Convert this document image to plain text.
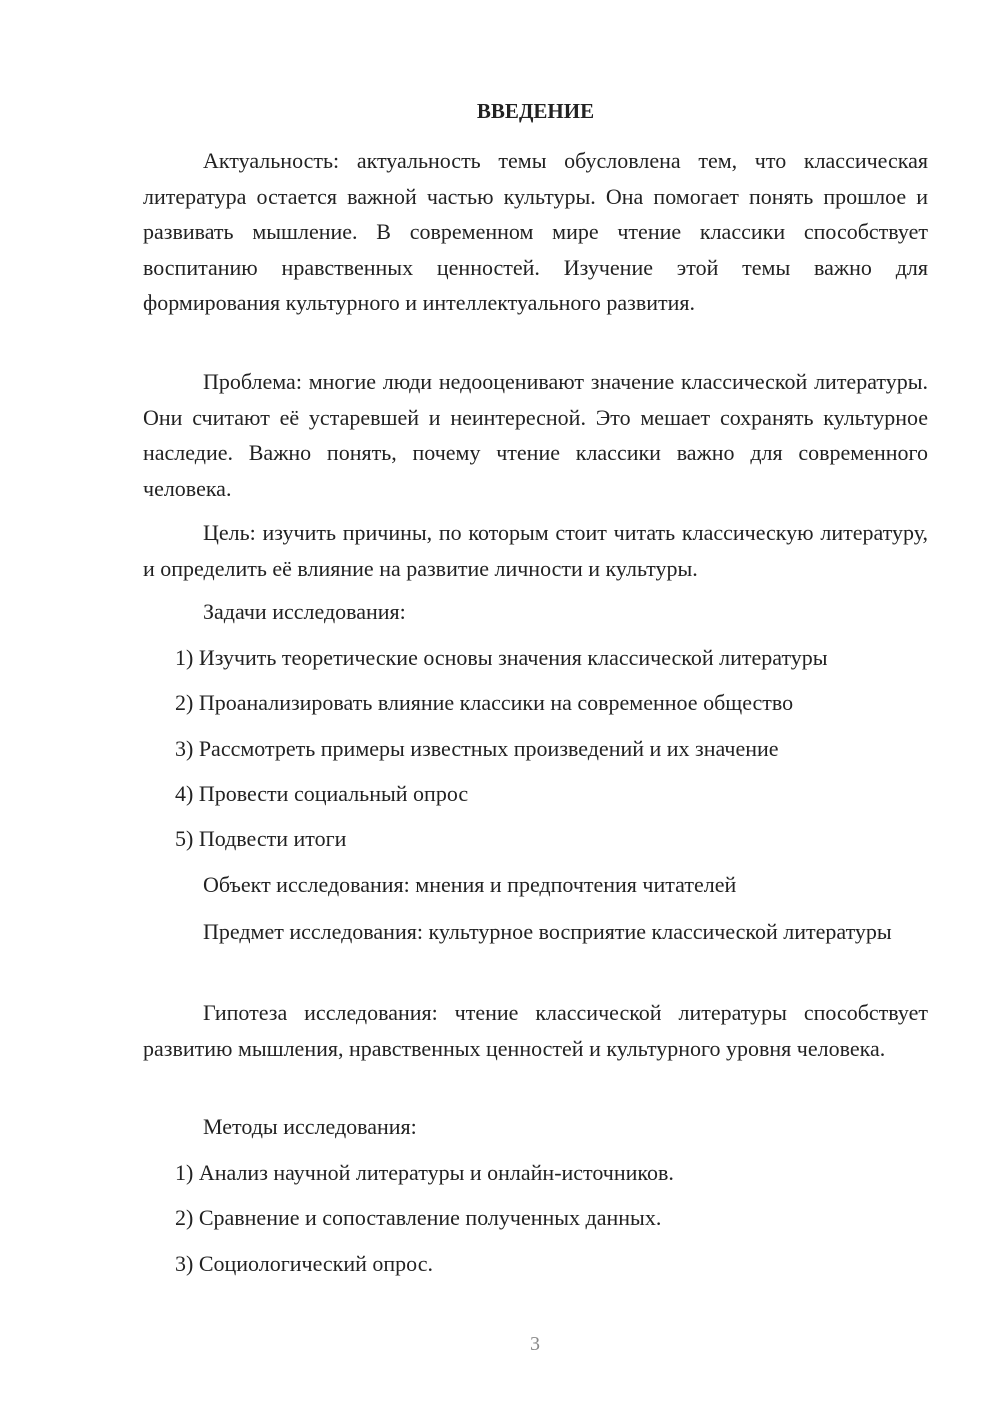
ВВЕДЕНИЕ

Актуальность: актуальность темы обусловлена тем, что классическая литература остается важной частью культуры. Она помогает понять прошлое и развивать мышление. В современном мире чтение классики способствует воспитанию нравственных ценностей. Изучение этой темы важно для формирования культурного и интеллектуального развития.

Проблема: многие люди недооценивают значение классической литературы. Они считают её устаревшей и неинтересной. Это мешает сохранять культурное наследие. Важно понять, почему чтение классики важно для современного человека.

Цель: изучить причины, по которым стоит читать классическую литературу, и определить её влияние на развитие личности и культуры.

Задачи исследования:
1) Изучить теоретические основы значения классической литературы
2) Проанализировать влияние классики на современное общество
3) Рассмотреть примеры известных произведений и их значение
4) Провести социальный опрос
5) Подвести итоги
Объект исследования: мнения и предпочтения читателей

Предмет исследования: культурное восприятие классической литературы

Гипотеза исследования: чтение классической литературы способствует развитию мышления, нравственных ценностей и культурного уровня человека.

Методы исследования:
1) Анализ научной литературы и онлайн-источников.
2) Сравнение и сопоставление полученных данных.
3) Социологический опрос.
3
